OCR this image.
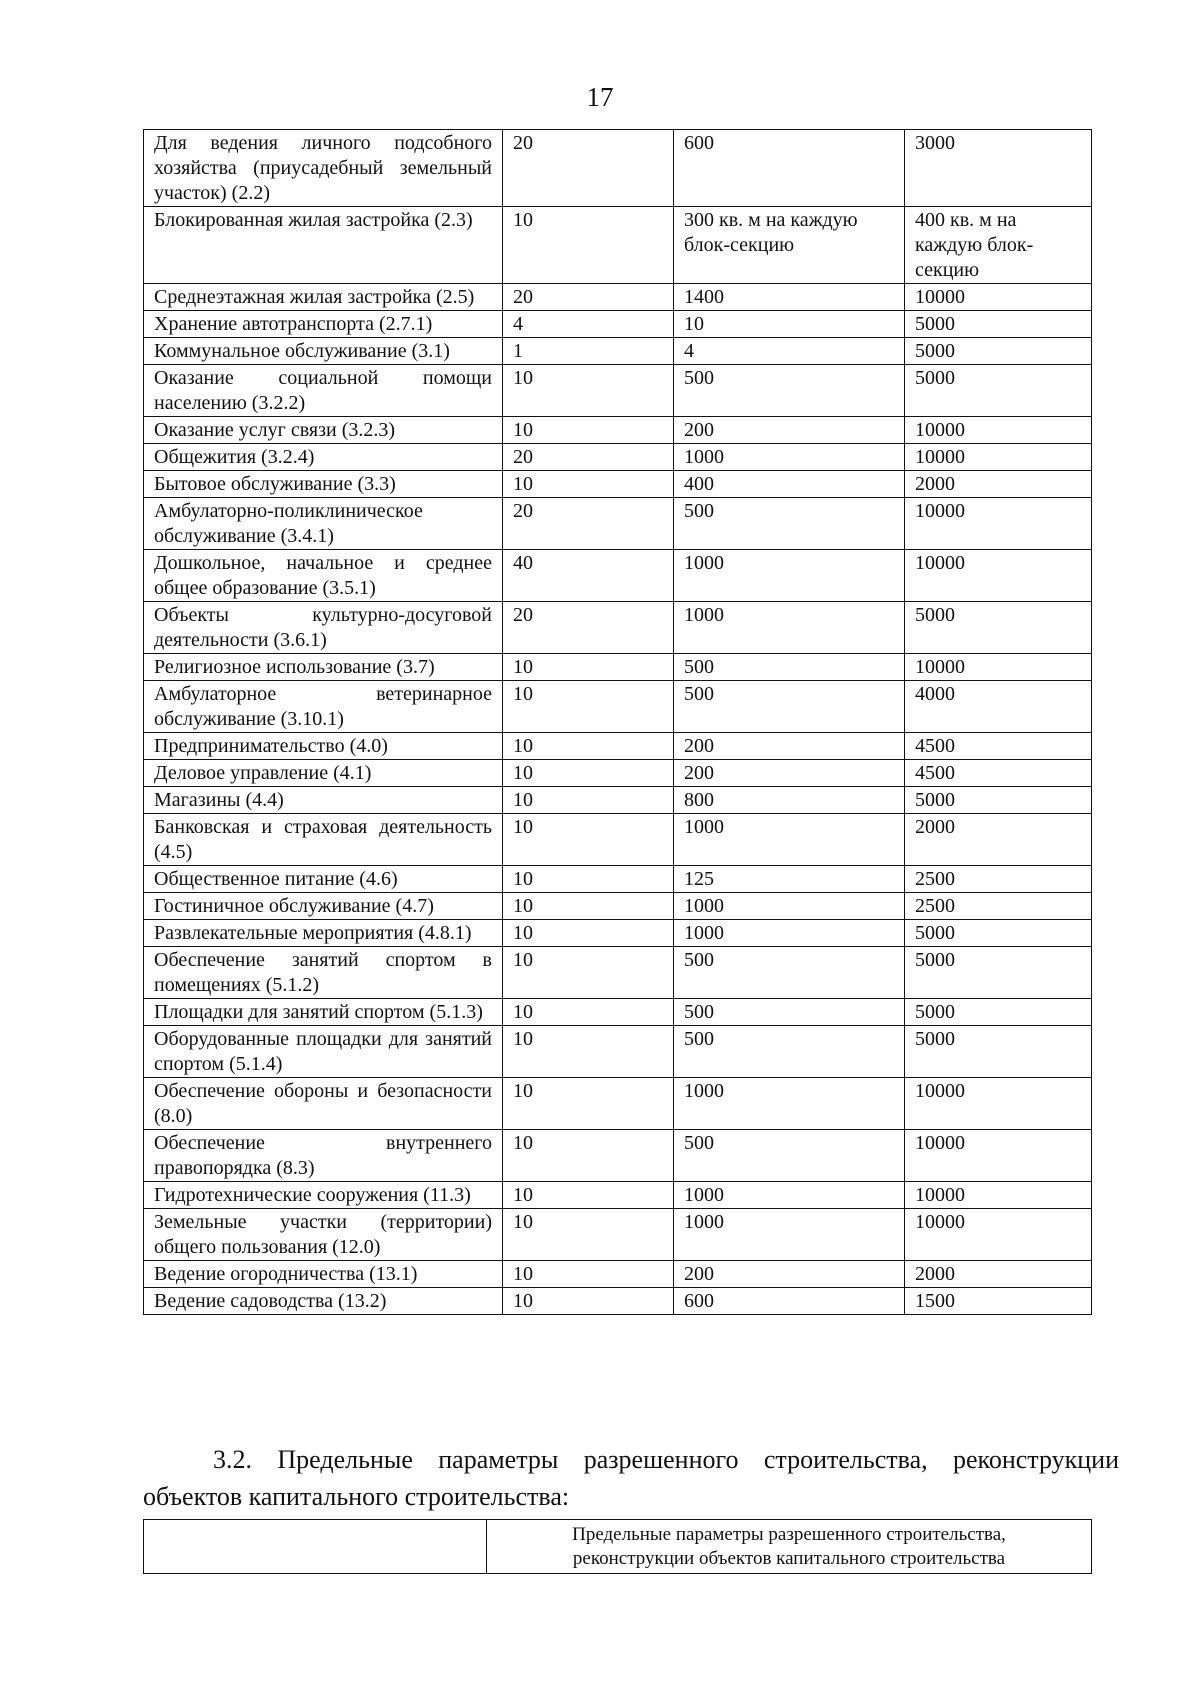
17
Для ведения личного подсобного хозяйства (приусадебный земельный участок) (2.2)	20	600	3000
Блокированная жилая застройка (2.3)	10	300 кв. м на каждую блок-секцию	400 кв. м на каждую блок-секцию
Среднеэтажная жилая застройка (2.5)	20	1400	10000
Хранение автотранспорта (2.7.1)	4	10	5000
Коммунальное обслуживание (3.1)	1	4	5000
Оказание социальной помощи населению (3.2.2)	10	500	5000
Оказание услуг связи (3.2.3)	10	200	10000
Общежития (3.2.4)	20	1000	10000
Бытовое обслуживание (3.3)	10	400	2000
Амбулаторно-поликлиническое обслуживание (3.4.1)	20	500	10000
Дошкольное, начальное и среднее общее образование (3.5.1)	40	1000	10000
Объекты культурно-досуговой деятельности (3.6.1)	20	1000	5000
Религиозное использование (3.7)	10	500	10000
Амбулаторное ветеринарное обслуживание (3.10.1)	10	500	4000
Предпринимательство (4.0)	10	200	4500
Деловое управление (4.1)	10	200	4500
Магазины (4.4)	10	800	5000
Банковская и страховая деятельность (4.5)	10	1000	2000
Общественное питание (4.6)	10	125	2500
Гостиничное обслуживание (4.7)	10	1000	2500
Развлекательные мероприятия (4.8.1)	10	1000	5000
Обеспечение занятий спортом в помещениях (5.1.2)	10	500	5000
Площадки для занятий спортом (5.1.3)	10	500	5000
Оборудованные площадки для занятий спортом (5.1.4)	10	500	5000
Обеспечение обороны и безопасности (8.0)	10	1000	10000
Обеспечение внутреннего правопорядка (8.3)	10	500	10000
Гидротехнические сооружения (11.3)	10	1000	10000
Земельные участки (территории) общего пользования (12.0)	10	1000	10000
Ведение огородничества (13.1)	10	200	2000
Ведение садоводства (13.2)	10	600	1500
3.2. Предельные параметры разрешенного строительства, реконструкции объектов капитального строительства:
	Предельные параметры разрешенного строительства, реконструкции объектов капитального строительства
